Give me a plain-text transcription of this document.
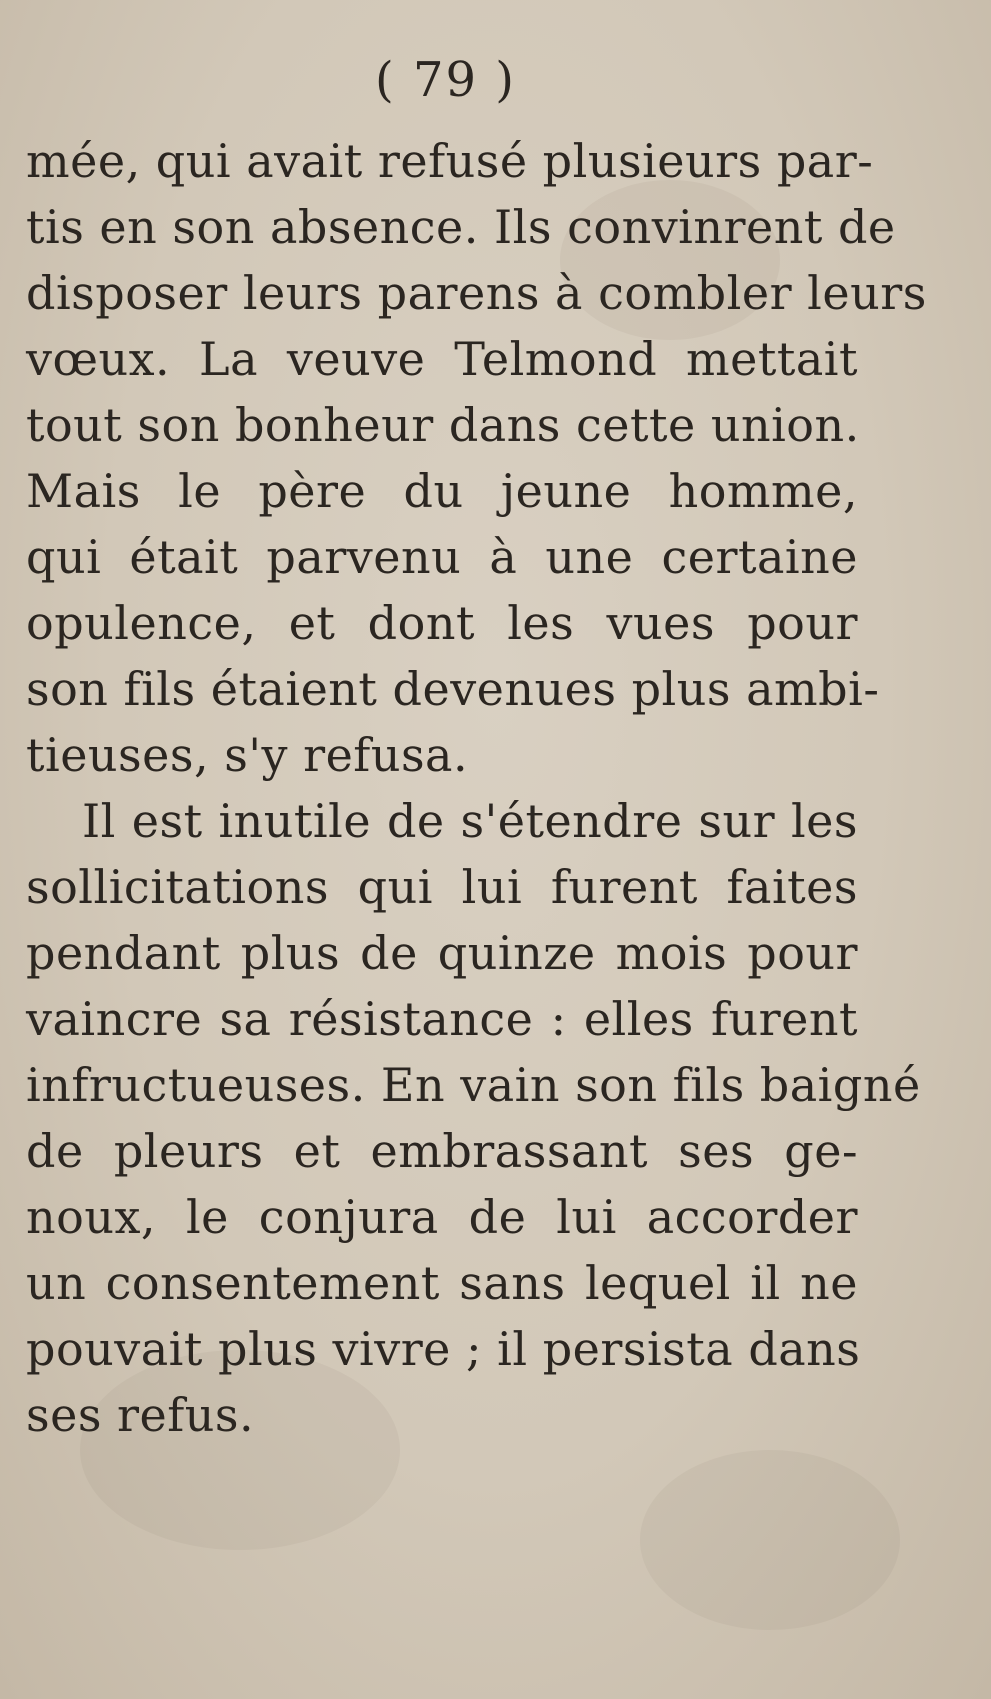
( 79 )
mée, qui avait refusé plusieurs par-
tis en son absence. Ils convinrent de
disposer leurs parens à combler leurs
vœux. La veuve Telmond mettait
tout son bonheur dans cette union.
Mais le père du jeune homme,
qui était parvenu à une certaine
opulence, et dont les vues pour
son fils étaient devenues plus ambi-
tieuses, s'y refusa.
Il est inutile de s'étendre sur les
sollicitations qui lui furent faites
pendant plus de quinze mois pour
vaincre sa résistance : elles furent
infructueuses. En vain son fils baigné
de pleurs et embrassant ses ge-
noux, le conjura de lui accorder
un consentement sans lequel il ne
pouvait plus vivre ; il persista dans
ses refus.
